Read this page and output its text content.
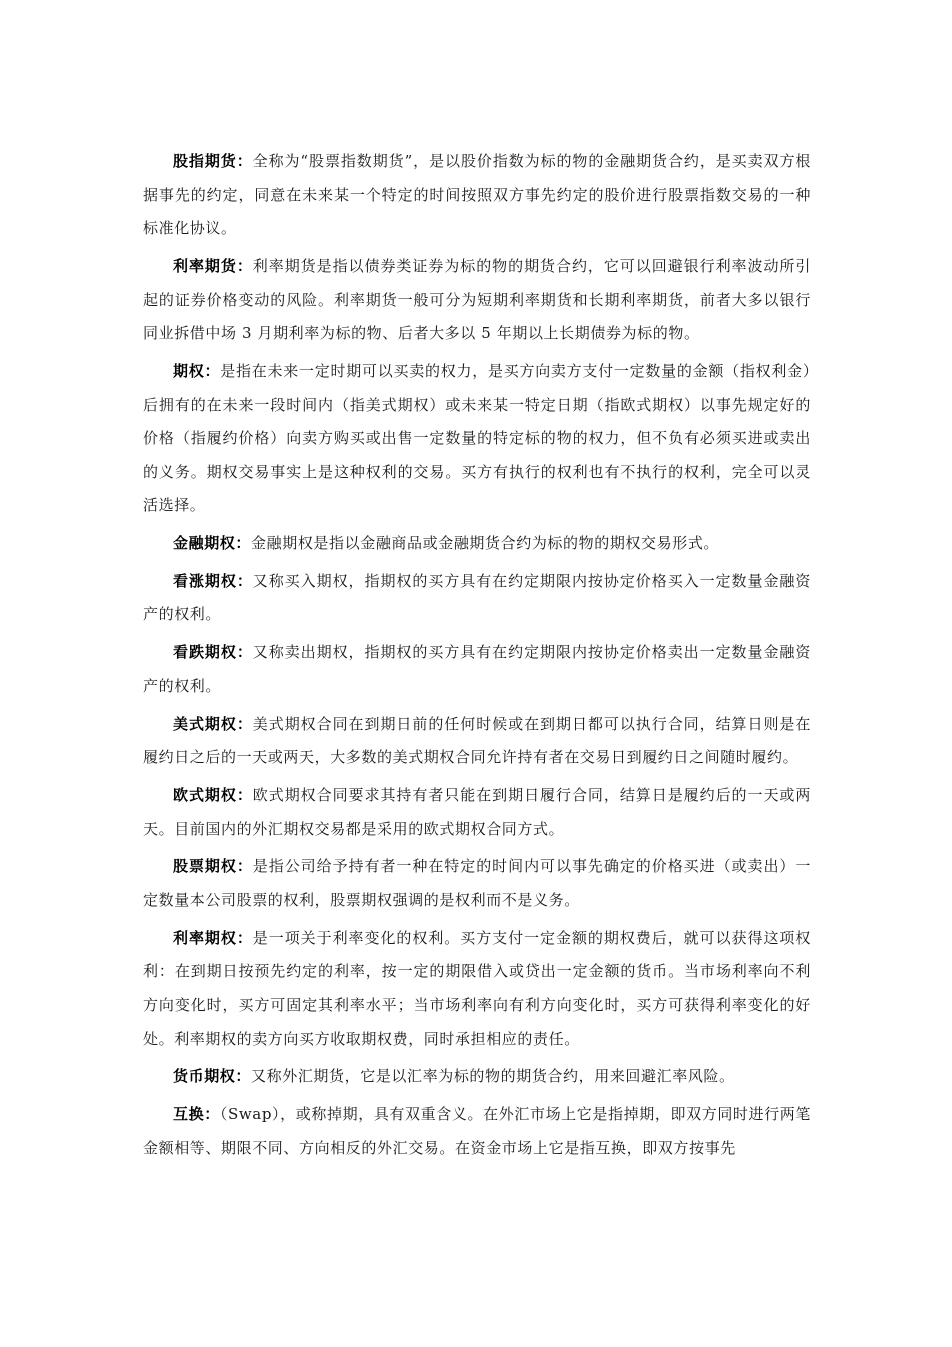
股指期货：全称为“股票指数期货”，是以股价指数为标的物的金融期货合约，是买卖双方根据事先的约定，同意在未来某一个特定的时间按照双方事先约定的股价进行股票指数交易的一种标准化协议。

利率期货：利率期货是指以债券类证券为标的物的期货合约，它可以回避银行利率波动所引起的证券价格变动的风险。利率期货一般可分为短期利率期货和长期利率期货，前者大多以银行同业拆借中场 3 月期利率为标的物、后者大多以 5 年期以上长期债券为标的物。

期权：是指在未来一定时期可以买卖的权力，是买方向卖方支付一定数量的金额（指权利金）后拥有的在未来一段时间内（指美式期权）或未来某一特定日期（指欧式期权）以事先规定好的价格（指履约价格）向卖方购买或出售一定数量的特定标的物的权力，但不负有必须买进或卖出的义务。期权交易事实上是这种权利的交易。买方有执行的权利也有不执行的权利，完全可以灵活选择。

金融期权：金融期权是指以金融商品或金融期货合约为标的物的期权交易形式。

看涨期权：又称买入期权，指期权的买方具有在约定期限内按协定价格买入一定数量金融资产的权利。

看跌期权：又称卖出期权，指期权的买方具有在约定期限内按协定价格卖出一定数量金融资产的权利。

美式期权：美式期权合同在到期日前的任何时候或在到期日都可以执行合同，结算日则是在履约日之后的一天或两天，大多数的美式期权合同允许持有者在交易日到履约日之间随时履约。

欧式期权：欧式期权合同要求其持有者只能在到期日履行合同，结算日是履约后的一天或两天。目前国内的外汇期权交易都是采用的欧式期权合同方式。

股票期权：是指公司给予持有者一种在特定的时间内可以事先确定的价格买进（或卖出）一定数量本公司股票的权利，股票期权强调的是权利而不是义务。

利率期权：是一项关于利率变化的权利。买方支付一定金额的期权费后，就可以获得这项权利：在到期日按预先约定的利率，按一定的期限借入或贷出一定金额的货币。当市场利率向不利方向变化时，买方可固定其利率水平；当市场利率向有利方向变化时，买方可获得利率变化的好处。利率期权的卖方向买方收取期权费，同时承担相应的责任。

货币期权：又称外汇期货，它是以汇率为标的物的期货合约，用来回避汇率风险。

互换：（Swap），或称掉期，具有双重含义。在外汇市场上它是指掉期，即双方同时进行两笔金额相等、期限不同、方向相反的外汇交易。在资金市场上它是指互换，即双方按事先
